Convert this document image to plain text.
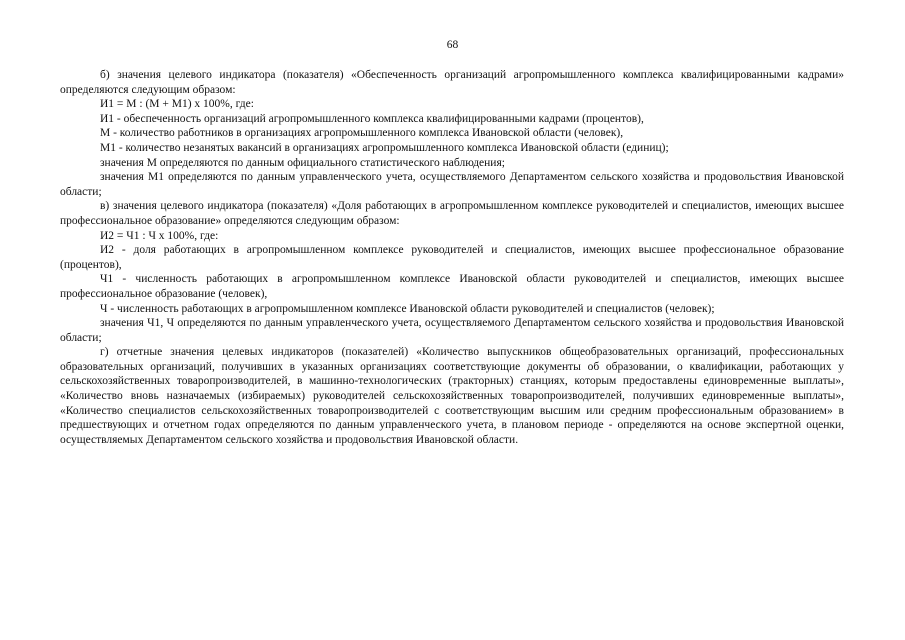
68

б) значения целевого индикатора (показателя) «Обеспеченность организаций агропромышленного комплекса квалифицированными кадрами» определяются следующим образом:

И1 = М : (М + М1) х 100%, где:

И1 - обеспеченность организаций агропромышленного комплекса квалифицированными кадрами (процентов),

М - количество работников в организациях агропромышленного комплекса Ивановской области (человек),

М1 - количество незанятых вакансий в организациях агропромышленного комплекса Ивановской области (единиц);

значения М определяются по данным официального статистического наблюдения;

значения М1 определяются по данным управленческого учета, осуществляемого Департаментом сельского хозяйства и продовольствия Ивановской области;

в) значения целевого индикатора (показателя) «Доля работающих в агропромышленном комплексе руководителей и специалистов, имеющих высшее профессиональное образование» определяются следующим образом:

И2 = Ч1 : Ч х 100%, где:

И2 - доля работающих в агропромышленном комплексе руководителей и специалистов, имеющих высшее профессиональное образование (процентов),

Ч1 - численность работающих в агропромышленном комплексе Ивановской области руководителей и специалистов, имеющих высшее профессиональное образование (человек),

Ч - численность работающих в агропромышленном комплексе Ивановской области руководителей и специалистов (человек);

значения Ч1, Ч определяются по данным управленческого учета, осуществляемого Департаментом сельского хозяйства и продовольствия Ивановской области;

г) отчетные значения целевых индикаторов (показателей) «Количество выпускников общеобразовательных организаций, профессиональных образовательных организаций, получивших в указанных организациях соответствующие документы об образовании, о квалификации, работающих у сельскохозяйственных товаропроизводителей, в машинно-технологических (тракторных) станциях, которым предоставлены единовременные выплаты», «Количество вновь назначаемых (избираемых) руководителей сельскохозяйственных товаропроизводителей, получивших единовременные выплаты», «Количество специалистов сельскохозяйственных товаропроизводителей с соответствующим высшим или средним профессиональным образованием» в предшествующих и отчетном годах определяются по данным управленческого учета, в плановом периоде - определяются на основе экспертной оценки, осуществляемых Департаментом сельского хозяйства и продовольствия Ивановской области.
